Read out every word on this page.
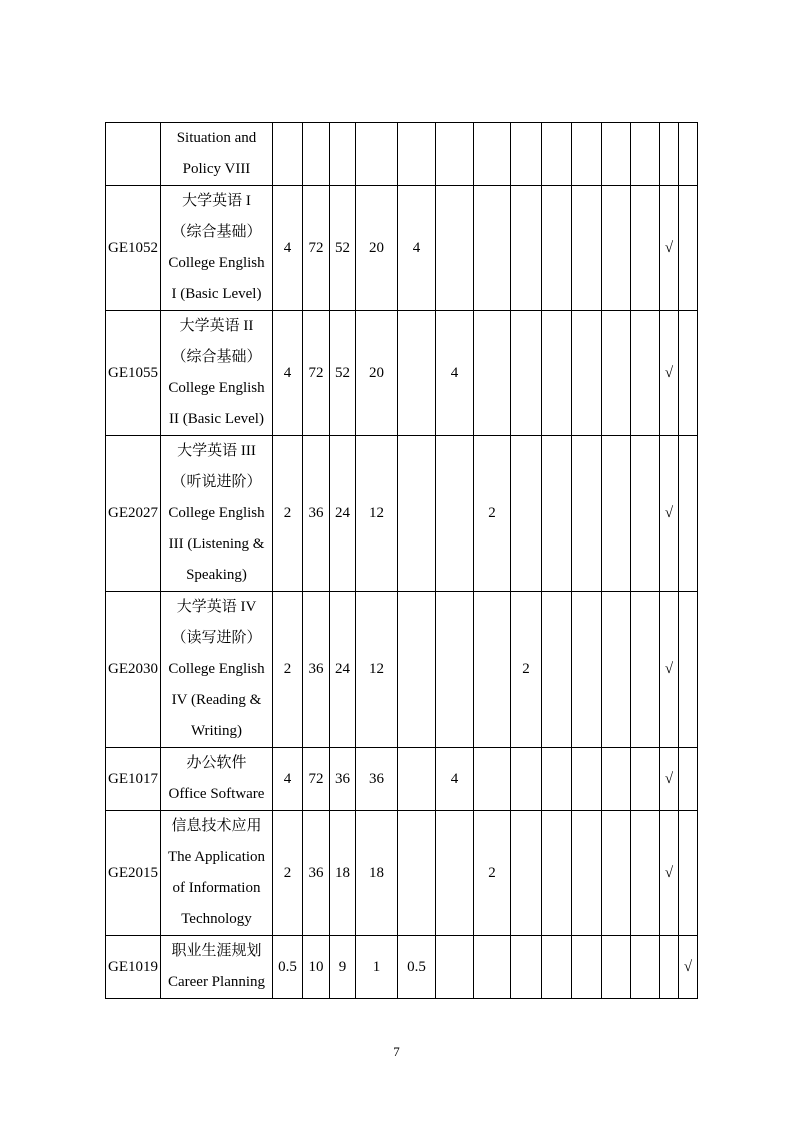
	Situation and
Policy VIII														

GE1052	大学英语 I
（综合基础）
College English
I (Basic Level)	4	72	52	20	4								√	
GE1055	大学英语 II
（综合基础）
College English
II (Basic Level)	4	72	52	20		4							√	
GE2027	大学英语 III
（听说进阶）
College English
III (Listening &
Speaking)	2	36	24	12			2						√	
GE2030	大学英语 IV
（读写进阶）
College English
IV (Reading &
Writing)	2	36	24	12				2					√	
GE1017	办公软件
Office Software	4	72	36	36		4							√	
GE2015	信息技术应用
The Application
of Information
Technology	2	36	18	18			2						√	
GE1019	职业生涯规划
Career Planning	0.5	10	9	1	0.5									√
7
